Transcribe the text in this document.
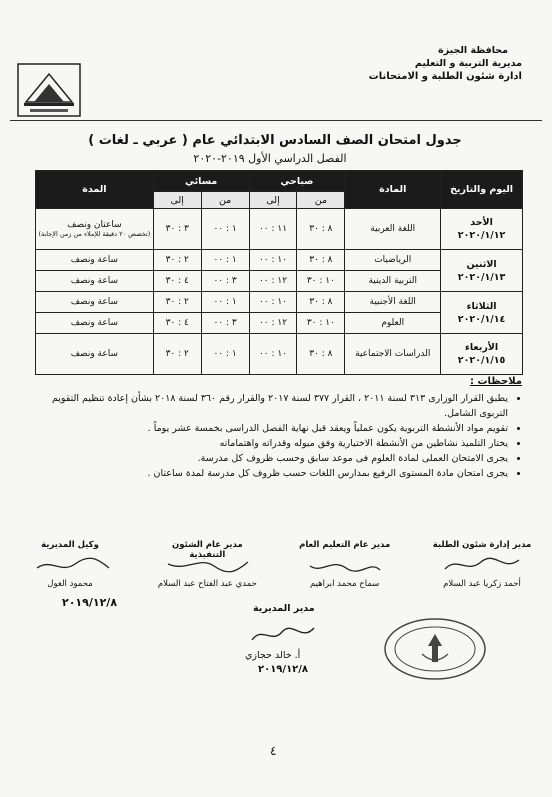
محافظة الجيزة
مديرية التربية و التعليم
ادارة شئون الطلبة و الامتحانات
جدول امتحان الصف السادس الابتدائي عام ( عربي ـ لغات )
الفصل الدراسي الأول ٢٠١٩-٢٠٢٠
اليوم والتاريخ	المادة	صباحي		مسائي		المدة
		من	إلى	من	إلى	
الأحد
٢٠٢٠/١/١٢	اللغة العربية	٨ : ٣٠	١١ : ٠٠	١ : ٠٠	٣ : ٣٠	ساعتان ونصف
(تخصص ٢٠ دقيقة للإملاء من زمن الإجابة)

الاثنين
٢٠٢٠/١/١٣	الرياضيات	٨ : ٣٠	١٠ : ٠٠	١ : ٠٠	٢ : ٣٠	ساعة ونصف
	التربية الدينية	١٠ : ٣٠	١٢ : ٠٠	٣ : ٠٠	٤ : ٣٠	ساعة ونصف
الثلاثاء
٢٠٢٠/١/١٤	اللغة الأجنبية	٨ : ٣٠	١٠ : ٠٠	١ : ٠٠	٢ : ٣٠	ساعة ونصف
	العلوم	١٠ : ٣٠	١٢ : ٠٠	٣ : ٠٠	٤ : ٣٠	ساعة ونصف
الأربعاء
٢٠٢٠/١/١٥	الدراسات الاجتماعية	٨ : ٣٠	١٠ : ٠٠	١ : ٠٠	٢ : ٣٠	ساعة ونصف
ملاحظات :
• يطبق القرار الوزارى ٣١٣ لسنة ٢٠١١ ، القرار ٣٧٧ لسنة ٢٠١٧ والقرار رقم ٣٦٠ لسنة ٢٠١٨ بشأن إعادة تنظيم التقويم التربوى الشامل.
• تقويم مواد الأنشطة التربوية يكون عملياً ويعقد قبل نهاية الفصل الدراسى بخمسة عشر يوماً .
• يختار التلميذ نشاطين من الأنشطة الاختيارية وفق ميوله وقدراته واهتماماته
• يجرى الامتحان العملى لمادة العلوم فى موعد سابق وحسب ظروف كل مدرسة.
• يجرى امتحان مادة المستوى الرفيع بمدارس اللغات حسب ظروف كل مدرسة لمدة ساعتان .
مدير إدارة شئون الطلبة
أحمد زكريا عبد السلام
مدير عام التعليم العام
سماح محمد ابراهيم
مدير عام الشئون التنفيذية
حمدي عبد الفتاح عبد السلام
وكيل المديرية
محمود الغول
٢٠١٩/١٢/٨	مدير المديرية
أ. خالد حجازي
٢٠١٩/١٢/٨
٤
